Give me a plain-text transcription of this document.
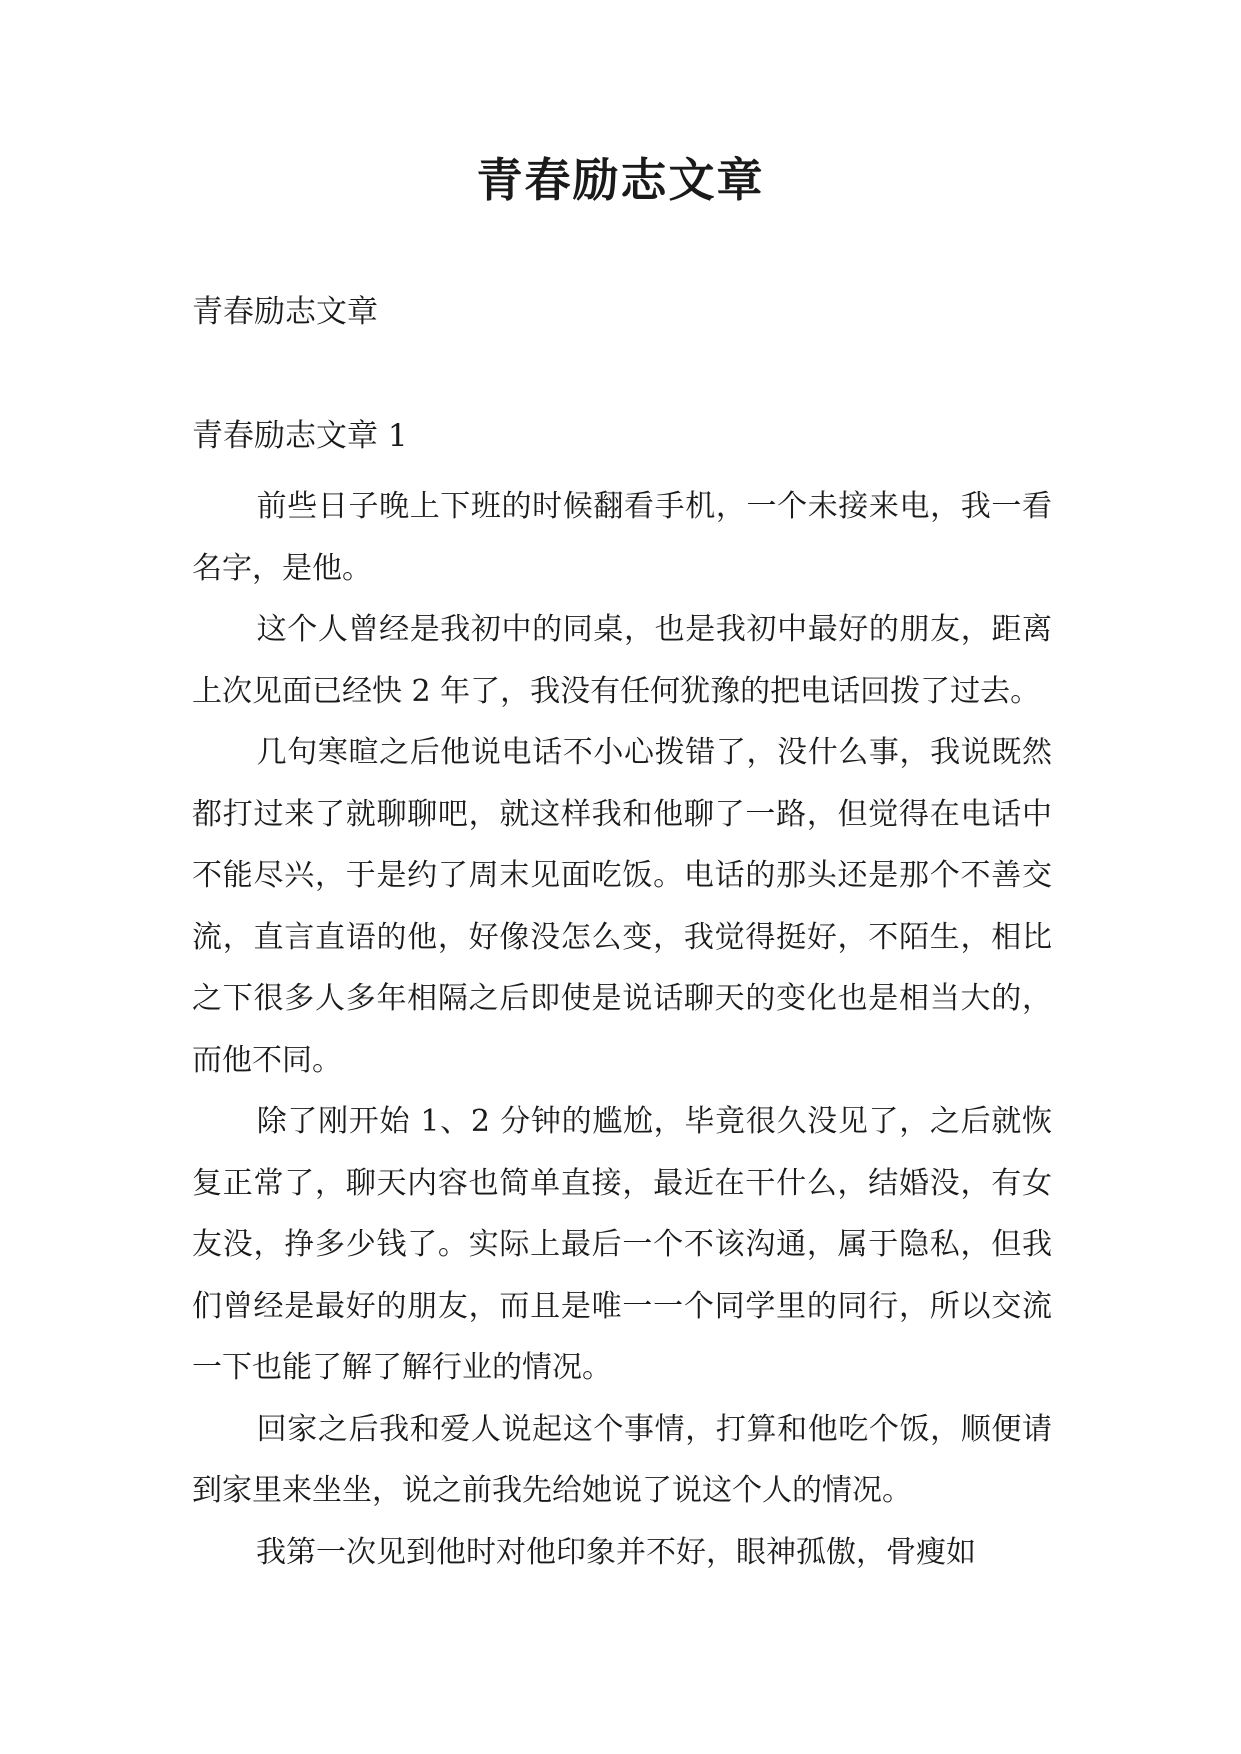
青春励志文章

青春励志文章

青春励志文章 1

前些日子晚上下班的时候翻看手机，一个未接来电，我一看名字，是他。

这个人曾经是我初中的同桌，也是我初中最好的朋友，距离上次见面已经快 2 年了，我没有任何犹豫的把电话回拨了过去。

几句寒暄之后他说电话不小心拨错了，没什么事，我说既然都打过来了就聊聊吧，就这样我和他聊了一路，但觉得在电话中不能尽兴，于是约了周末见面吃饭。电话的那头还是那个不善交流，直言直语的他，好像没怎么变，我觉得挺好，不陌生，相比之下很多人多年相隔之后即使是说话聊天的变化也是相当大的，而他不同。

除了刚开始 1、2 分钟的尴尬，毕竟很久没见了，之后就恢复正常了，聊天内容也简单直接，最近在干什么，结婚没，有女友没，挣多少钱了。实际上最后一个不该沟通，属于隐私，但我们曾经是最好的朋友，而且是唯一一个同学里的同行，所以交流一下也能了解了解行业的情况。

回家之后我和爱人说起这个事情，打算和他吃个饭，顺便请到家里来坐坐，说之前我先给她说了说这个人的情况。

我第一次见到他时对他印象并不好，眼神孤傲，骨瘦如
